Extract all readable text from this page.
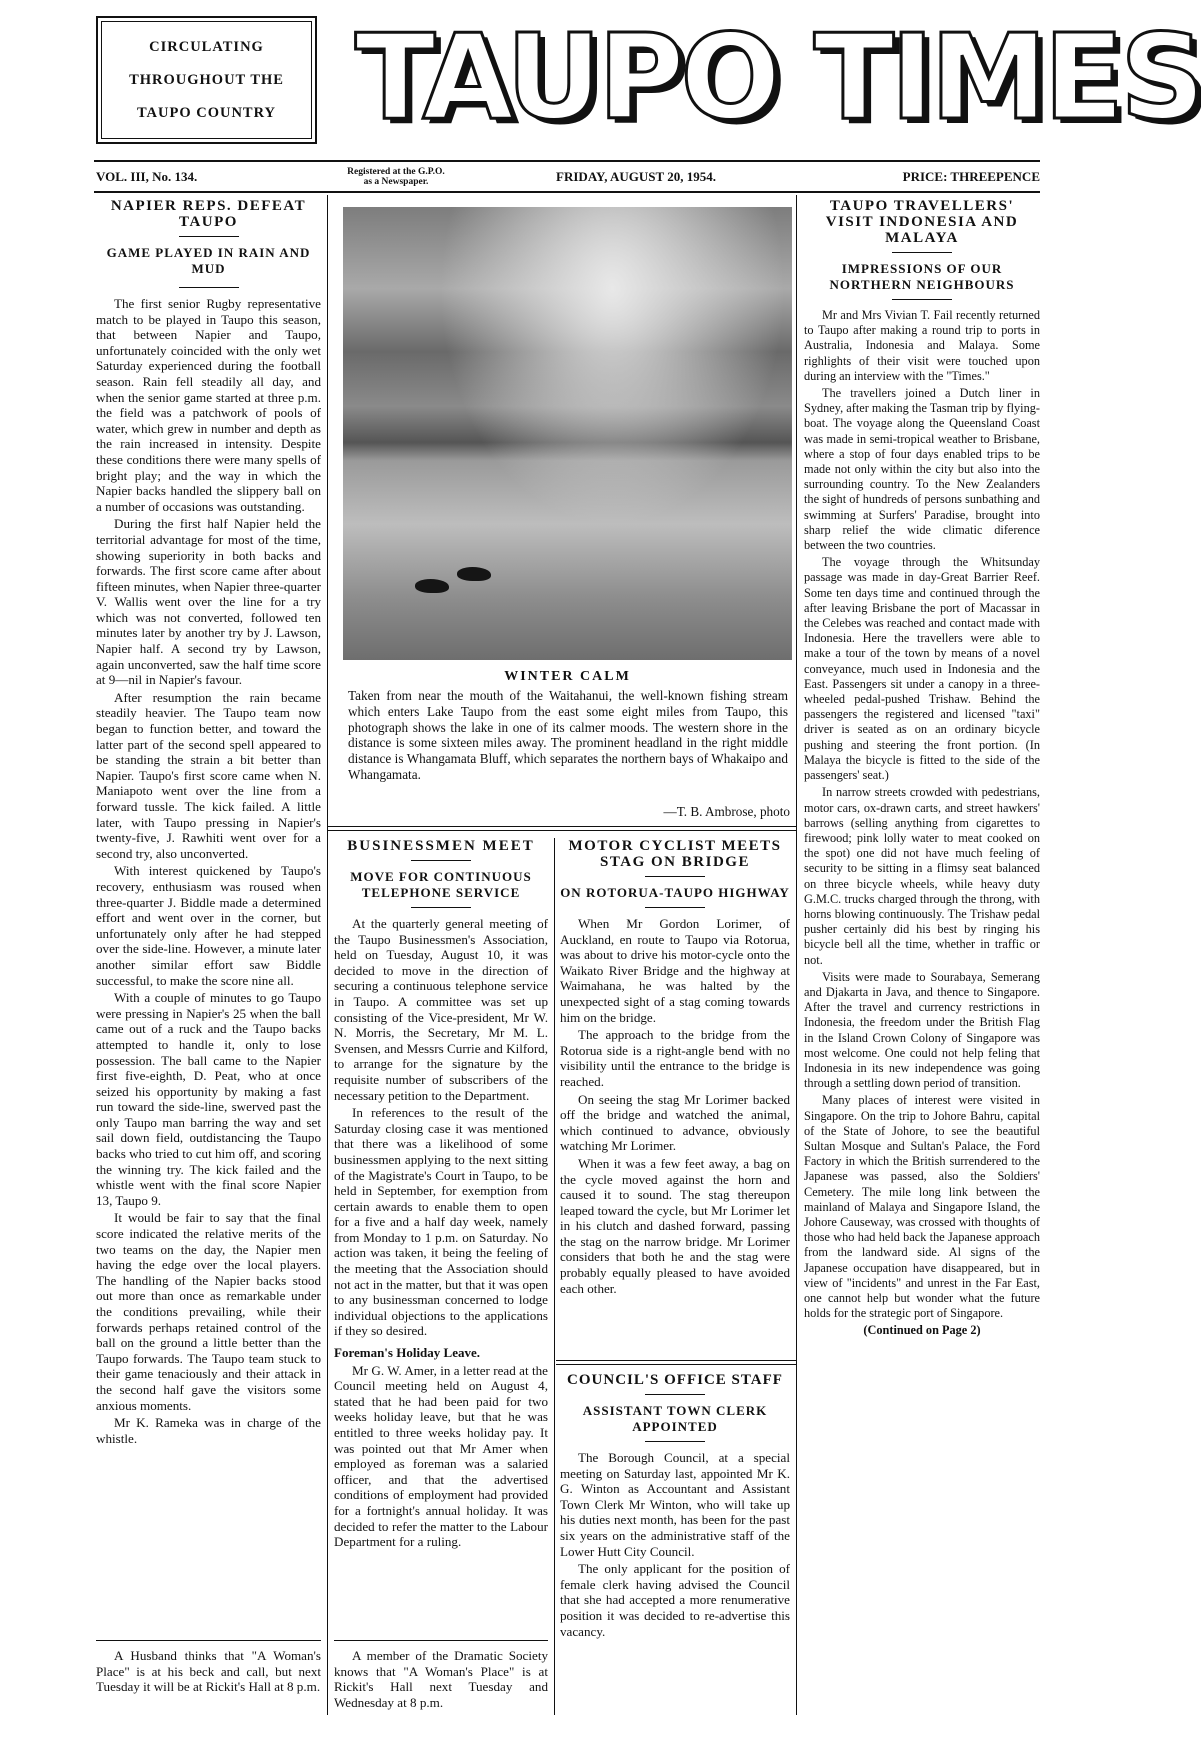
CIRCULATING
THROUGHOUT THE
TAUPO COUNTRY TAUPO TIMES
VOL. III, No. 134.	Registered at the G.P.O.
as a Newspaper.	FRIDAY, AUGUST 20, 1954.	PRICE: THREEPENCE
NAPIER REPS. DEFEAT TAUPO
GAME PLAYED IN RAIN AND MUD

The first senior Rugby representative match to be played in Taupo this season, that between Napier and Taupo, unfortunately coincided with the only wet Saturday experienced during the football season. Rain fell steadily all day, and when the senior game started at three p.m. the field was a patchwork of pools of water, which grew in number and depth as the rain increased in intensity. Despite these conditions there were many spells of bright play; and the way in which the Napier backs handled the slippery ball on a number of occasions was outstanding.

During the first half Napier held the territorial advantage for most of the time, showing superiority in both backs and forwards. The first score came after about fifteen minutes, when Napier three-quarter V. Wallis went over the line for a try which was not converted, followed ten minutes later by another try by J. Lawson, Napier half. A second try by Lawson, again unconverted, saw the half time score at 9—nil in Napier's favour.

After resumption the rain became steadily heavier. The Taupo team now began to function better, and toward the latter part of the second spell appeared to be standing the strain a bit better than Napier. Taupo's first score came when N. Maniapoto went over the line from a forward tussle. The kick failed. A little later, with Taupo pressing in Napier's twenty-five, J. Rawhiti went over for a second try, also unconverted.

With interest quickened by Taupo's recovery, enthusiasm was roused when three-quarter J. Biddle made a determined effort and went over in the corner, but unfortunately only after he had stepped over the side-line. However, a minute later another similar effort saw Biddle successful, to make the score nine all.

With a couple of minutes to go Taupo were pressing in Napier's 25 when the ball came out of a ruck and the Taupo backs attempted to handle it, only to lose possession. The ball came to the Napier first five-eighth, D. Peat, who at once seized his opportunity by making a fast run toward the side-line, swerved past the only Taupo man barring the way and set sail down field, outdistancing the Taupo backs who tried to cut him off, and scoring the winning try. The kick failed and the whistle went with the final score Napier 13, Taupo 9.

It would be fair to say that the final score indicated the relative merits of the two teams on the day, the Napier men having the edge over the local players. The handling of the Napier backs stood out more than once as remarkable under the conditions prevailing, while their forwards perhaps retained control of the ball on the ground a little better than the Taupo forwards. The Taupo team stuck to their game tenaciously and their attack in the second half gave the visitors some anxious moments.

Mr K. Rameka was in charge of the whistle.

A Husband thinks that "A Woman's Place" is at his beck and call, but next Tuesday it will be at Rickit's Hall at 8 p.m.

WINTER CALM
Taken from near the mouth of the Waitahanui, the well-known fishing stream which enters Lake Taupo from the east some eight miles from Taupo, this photograph shows the lake in one of its calmer moods. The western shore in the distance is some sixteen miles away. The prominent headland in the right middle distance is Whangamata Bluff, which separates the northern bays of Whakaipo and Whangamata.
—T. B. Ambrose, photo
BUSINESSMEN MEET
MOVE FOR CONTINUOUS TELEPHONE SERVICE

At the quarterly general meeting of the Taupo Businessmen's Association, held on Tuesday, August 10, it was decided to move in the direction of securing a continuous telephone service in Taupo. A committee was set up consisting of the Vice-president, Mr W. N. Morris, the Secretary, Mr M. L. Svensen, and Messrs Currie and Kilford, to arrange for the signature by the requisite number of subscribers of the necessary petition to the Department.

In references to the result of the Saturday closing case it was mentioned that there was a likelihood of some businessmen applying to the next sitting of the Magistrate's Court in Taupo, to be held in September, for exemption from certain awards to enable them to open for a five and a half day week, namely from Monday to 1 p.m. on Saturday. No action was taken, it being the feeling of the meeting that the Association should not act in the matter, but that it was open to any businessman concerned to lodge individual objections to the applications if they so desired.

Foreman's Holiday Leave.

Mr G. W. Amer, in a letter read at the Council meeting held on August 4, stated that he had been paid for two weeks holiday leave, but that he was entitled to three weeks holiday pay. It was pointed out that Mr Amer when employed as foreman was a salaried officer, and that the advertised conditions of employment had provided for a fortnight's annual holiday. It was decided to refer the matter to the Labour Department for a ruling.

A member of the Dramatic Society knows that "A Woman's Place" is at Rickit's Hall next Tuesday and Wednesday at 8 p.m.

MOTOR CYCLIST MEETS STAG ON BRIDGE
ON ROTORUA-TAUPO HIGHWAY

When Mr Gordon Lorimer, of Auckland, en route to Taupo via Rotorua, was about to drive his motor-cycle onto the Waikato River Bridge and the highway at Waimahana, he was halted by the unexpected sight of a stag coming towards him on the bridge.

The approach to the bridge from the Rotorua side is a right-angle bend with no visibility until the entrance to the bridge is reached.

On seeing the stag Mr Lorimer backed off the bridge and watched the animal, which continued to advance, obviously watching Mr Lorimer.

When it was a few feet away, a bag on the cycle moved against the horn and caused it to sound. The stag thereupon leaped toward the cycle, but Mr Lorimer let in his clutch and dashed forward, passing the stag on the narrow bridge. Mr Lorimer considers that both he and the stag were probably equally pleased to have avoided each other.

COUNCIL'S OFFICE STAFF
ASSISTANT TOWN CLERK APPOINTED

The Borough Council, at a special meeting on Saturday last, appointed Mr K. G. Winton as Accountant and Assistant Town Clerk Mr Winton, who will take up his duties next month, has been for the past six years on the administrative staff of the Lower Hutt City Council.

The only applicant for the position of female clerk having advised the Council that she had accepted a more renumerative position it was decided to re-advertise this vacancy.

TAUPO TRAVELLERS' VISIT INDONESIA AND MALAYA
IMPRESSIONS OF OUR NORTHERN NEIGHBOURS

Mr and Mrs Vivian T. Fail recently returned to Taupo after making a round trip to ports in Australia, Indonesia and Malaya. Some righlights of their visit were touched upon during an interview with the "Times."

The travellers joined a Dutch liner in Sydney, after making the Tasman trip by flying-boat. The voyage along the Queensland Coast was made in semi-tropical weather to Brisbane, where a stop of four days enabled trips to be made not only within the city but also into the surrounding country. To the New Zealanders the sight of hundreds of persons sunbathing and swimming at Surfers' Paradise, brought into sharp relief the wide climatic diference between the two countries.

The voyage through the Whitsunday passage was made in day-Great Barrier Reef. Some ten days time and continued through the after leaving Brisbane the port of Macassar in the Celebes was reached and contact made with Indonesia. Here the travellers were able to make a tour of the town by means of a novel conveyance, much used in Indonesia and the East. Passengers sit under a canopy in a three-wheeled pedal-pushed Trishaw. Behind the passengers the registered and licensed "taxi" driver is seated as on an ordinary bicycle pushing and steering the front portion. (In Malaya the bicycle is fitted to the side of the passengers' seat.)

In narrow streets crowded with pedestrians, motor cars, ox-drawn carts, and street hawkers' barrows (selling anything from cigarettes to firewood; pink lolly water to meat cooked on the spot) one did not have much feeling of security to be sitting in a flimsy seat balanced on three bicycle wheels, while heavy duty G.M.C. trucks charged through the throng, with horns blowing continuously. The Trishaw pedal pusher certainly did his best by ringing his bicycle bell all the time, whether in traffic or not.

Visits were made to Sourabaya, Semerang and Djakarta in Java, and thence to Singapore. After the travel and currency restrictions in Indonesia, the freedom under the British Flag in the Island Crown Colony of Singapore was most welcome. One could not help feling that Indonesia in its new independence was going through a settling down period of transition.

Many places of interest were visited in Singapore. On the trip to Johore Bahru, capital of the State of Johore, to see the beautiful Sultan Mosque and Sultan's Palace, the Ford Factory in which the British surrendered to the Japanese was passed, also the Soldiers' Cemetery. The mile long link between the mainland of Malaya and Singapore Island, the Johore Causeway, was crossed with thoughts of those who had held back the Japanese approach from the landward side. Al signs of the Japanese occupation have disappeared, but in view of "incidents" and unrest in the Far East, one cannot help but wonder what the future holds for the strategic port of Singapore.

(Continued on Page 2)
